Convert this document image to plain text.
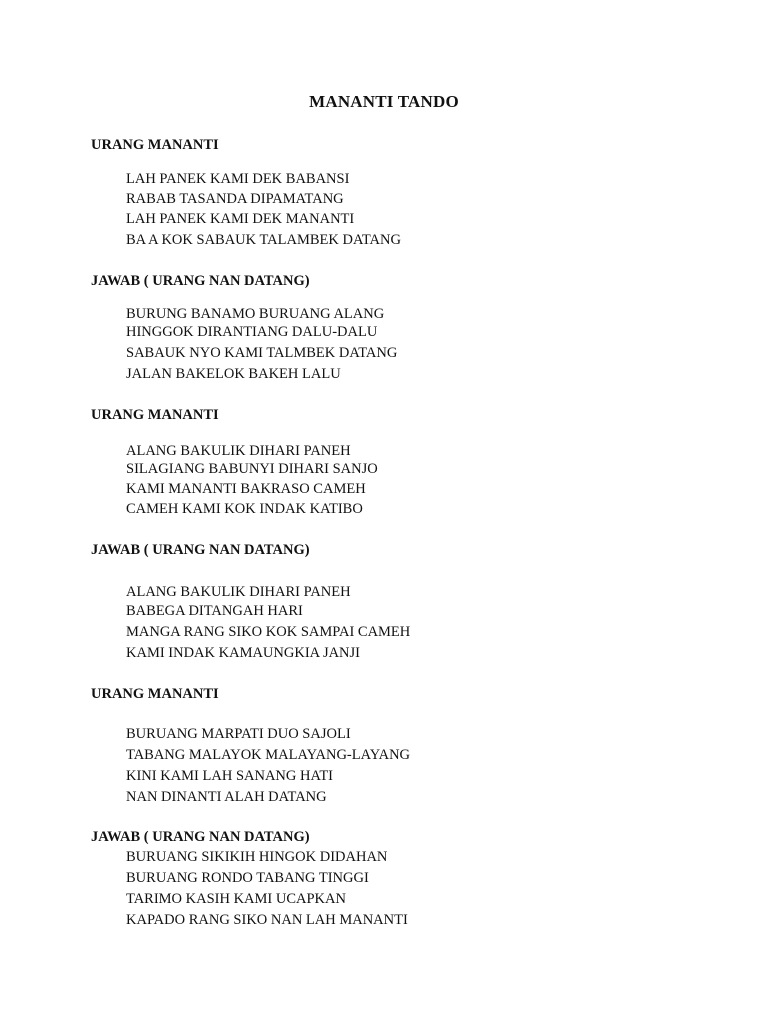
MANANTI TANDO
URANG MANANTI
LAH PANEK KAMI DEK BABANSI
RABAB TASANDA DIPAMATANG
LAH PANEK KAMI DEK MANANTI
BA A KOK SABAUK TALAMBEK DATANG
JAWAB ( URANG NAN DATANG)
BURUNG BANAMO BURUANG ALANG
HINGGOK DIRANTIANG DALU-DALU
SABAUK NYO KAMI TALMBEK DATANG
JALAN BAKELOK BAKEH LALU
URANG MANANTI
ALANG BAKULIK DIHARI PANEH
SILAGIANG BABUNYI DIHARI SANJO
KAMI MANANTI BAKRASO CAMEH
CAMEH KAMI KOK INDAK KATIBO
JAWAB ( URANG NAN DATANG)
ALANG BAKULIK DIHARI PANEH
BABEGA DITANGAH HARI
MANGA RANG SIKO KOK SAMPAI CAMEH
KAMI INDAK KAMAUNGKIA JANJI
URANG MANANTI
BURUANG MARPATI DUO SAJOLI
TABANG MALAYOK MALAYANG-LAYANG
KINI KAMI LAH SANANG HATI
NAN DINANTI ALAH DATANG
JAWAB ( URANG NAN DATANG)
BURUANG SIKIKIH HINGOK DIDAHAN
BURUANG RONDO TABANG TINGGI
TARIMO KASIH KAMI UCAPKAN
KAPADO RANG SIKO NAN LAH MANANTI
